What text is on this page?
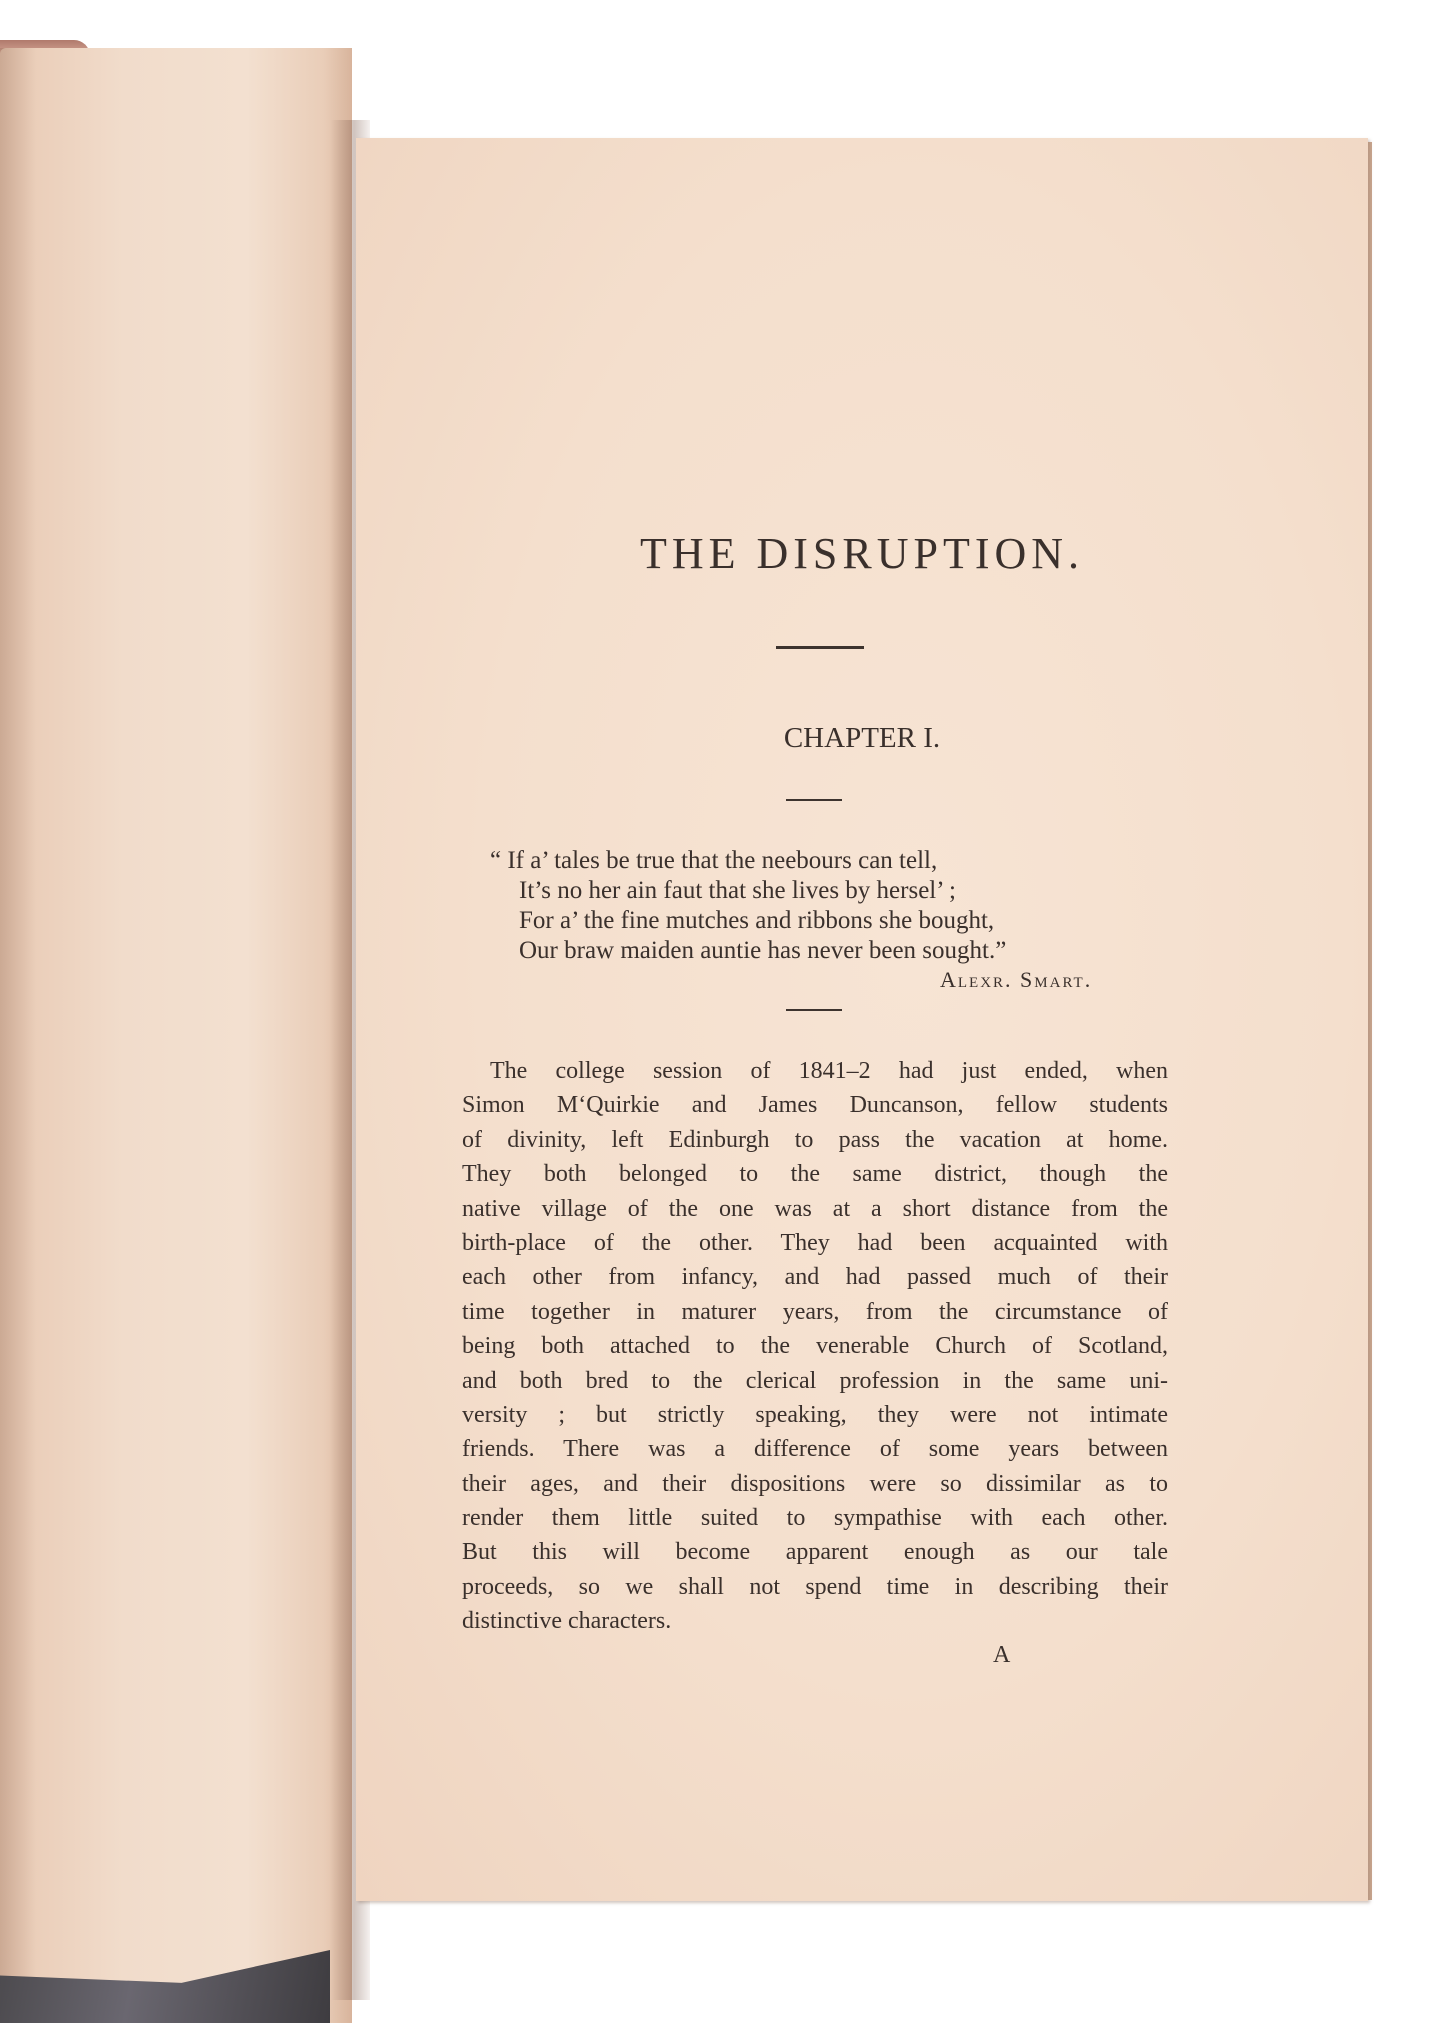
THE DISRUPTION.
CHAPTER I.
“ If a’ tales be true that the neebours can tell,
It’s no her ain faut that she lives by hersel’ ;
For a’ the fine mutches and ribbons she bought,
Our braw maiden auntie has never been sought.”
Alexr. Smart.
The college session of 1841–2 had just ended, when
Simon M‘Quirkie and James Duncanson, fellow students
of divinity, left Edinburgh to pass the vacation at home.
They both belonged to the same district, though the
native village of the one was at a short distance from the
birth-place of the other. They had been acquainted with
each other from infancy, and had passed much of their
time together in maturer years, from the circumstance of
being both attached to the venerable Church of Scotland,
and both bred to the clerical profession in the same uni-
versity ; but strictly speaking, they were not intimate
friends. There was a difference of some years between
their ages, and their dispositions were so dissimilar as to
render them little suited to sympathise with each other.
But this will become apparent enough as our tale
proceeds, so we shall not spend time in describing their
distinctive characters.
A
